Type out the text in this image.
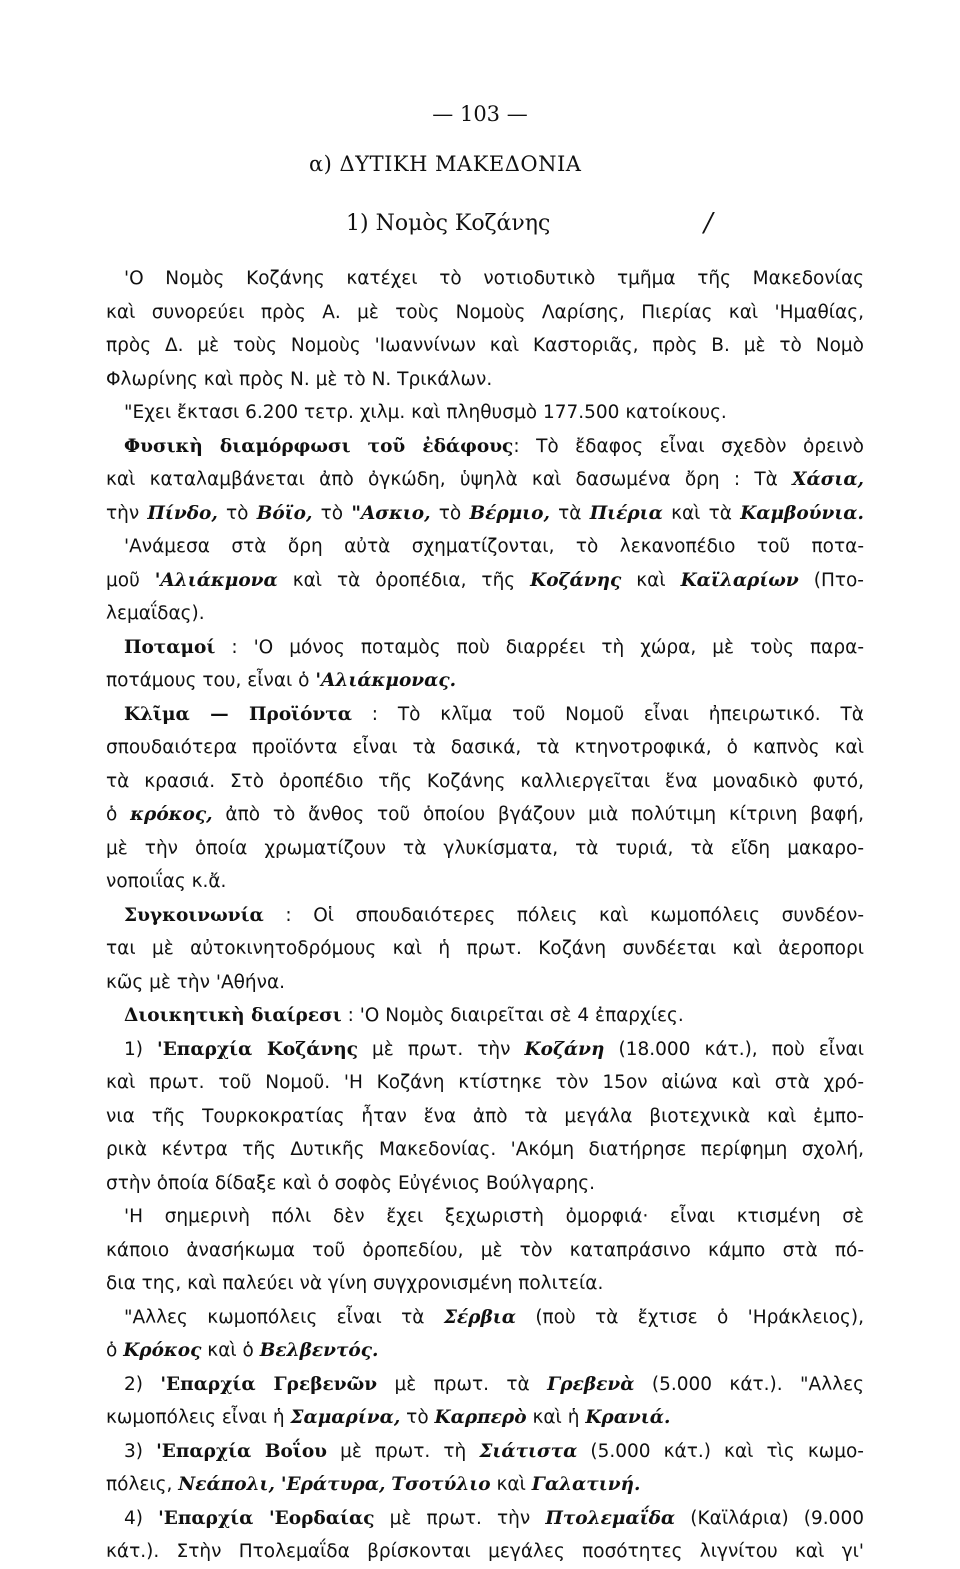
— 103 —
α) ΔΥΤΙΚΗ ΜΑΚΕΔΟΝΙΑ
1) Νομὸς Κοζάνης	/
'Ο Νομὸς Κοζάνης κατέχει τὸ νοτιοδυτικὸ τμῆμα τῆς Μακεδονίας
καὶ συνορεύει πρὸς Α. μὲ τοὺς Νομοὺς Λαρίσης, Πιερίας καὶ 'Ημαθίας,
πρὸς Δ. μὲ τοὺς Νομοὺς 'Ιωαννίνων καὶ Καστοριᾶς, πρὸς Β. μὲ τὸ Νομὸ
Φλωρίνης καὶ πρὸς Ν. μὲ τὸ Ν. Τρικάλων.
"Εχει ἔκτασι 6.200 τετρ. χιλμ. καὶ πληθυσμὸ 177.500 κατοίκους.
Φυσικὴ διαμόρφωσι τοῦ ἐδάφους: Τὸ ἔδαφος εἶναι σχεδὸν ὀρεινὸ
καὶ καταλαμβάνεται ἀπὸ ὀγκώδη, ὑψηλὰ καὶ δασωμένα ὄρη : Τὰ Χάσια,
τὴν Πίνδο, τὸ Βόϊο, τὸ "Ασκιο, τὸ Βέρμιο, τὰ Πιέρια καὶ τὰ Καμβούνια.
'Ανάμεσα στὰ ὄρη αὐτὰ σχηματίζονται, τὸ λεκανοπέδιο τοῦ ποτα-
μοῦ 'Αλιάκμονα καὶ τὰ ὀροπέδια, τῆς Κοζάνης καὶ Καϊλαρίων (Πτο-
λεμαΐδας).
Ποταμοί : 'Ο μόνος ποταμὸς ποὺ διαρρέει τὴ χώρα, μὲ τοὺς παρα-
ποτάμους του, εἶναι ὁ 'Αλιάκμονας.
Κλῖμα — Προϊόντα : Τὸ κλῖμα τοῦ Νομοῦ εἶναι ἠπειρωτικό. Τὰ
σπουδαιότερα προϊόντα εἶναι τὰ δασικά, τὰ κτηνοτροφικά, ὁ καπνὸς καὶ
τὰ κρασιά. Στὸ ὀροπέδιο τῆς Κοζάνης καλλιεργεῖται ἕνα μοναδικὸ φυτό,
ὁ κρόκος, ἀπὸ τὸ ἄνθος τοῦ ὁποίου βγάζουν μιὰ πολύτιμη κίτρινη βαφή,
μὲ τὴν ὁποία χρωματίζουν τὰ γλυκίσματα, τὰ τυριά, τὰ εἴδη μακαρο-
νοποιΐας κ.ἄ.
Συγκοινωνία : Οἱ σπουδαιότερες πόλεις καὶ κωμοπόλεις συνδέον-
ται μὲ αὐτοκινητοδρόμους καὶ ἡ πρωτ. Κοζάνη συνδέεται καὶ ἀεροπορι
κῶς μὲ τὴν 'Αθήνα.
Διοικητικὴ διαίρεσι : 'Ο Νομὸς διαιρεῖται σὲ 4 ἐπαρχίες.
1) 'Επαρχία Κοζάνης μὲ πρωτ. τὴν Κοζάνη (18.000 κάτ.), ποὺ εἶναι
καὶ πρωτ. τοῦ Νομοῦ. 'Η Κοζάνη κτίστηκε τὸν 15ον αἰώνα καὶ στὰ χρό-
νια τῆς Τουρκοκρατίας ἦταν ἕνα ἀπὸ τὰ μεγάλα βιοτεχνικὰ καὶ ἐμπο-
ρικὰ κέντρα τῆς Δυτικῆς Μακεδονίας. 'Ακόμη διατήρησε περίφημη σχολή,
στὴν ὁποία δίδαξε καὶ ὁ σοφὸς Εὐγένιος Βούλγαρης.
'Η σημερινὴ πόλι δὲν ἔχει ξεχωριστὴ ὀμορφιά· εἶναι κτισμένη σὲ
κάποιο ἀνασήκωμα τοῦ ὀροπεδίου, μὲ τὸν καταπράσινο κάμπο στὰ πό-
δια της, καὶ παλεύει νὰ γίνη συγχρονισμένη πολιτεία.
"Αλλες κωμοπόλεις εἶναι τὰ Σέρβια (ποὺ τὰ ἔχτισε ὁ 'Ηράκλειος),
ὁ Κρόκος καὶ ὁ Βελβεντός.
2) 'Επαρχία Γρεβενῶν μὲ πρωτ. τὰ Γρεβενὰ (5.000 κάτ.). "Αλλες
κωμοπόλεις εἶναι ἡ Σαμαρίνα, τὸ Καρπερὸ καὶ ἡ Κρανιά.
3) 'Επαρχία Βοΐου μὲ πρωτ. τὴ Σιάτιστα (5.000 κάτ.) καὶ τὶς κωμο-
πόλεις, Νεάπολι, 'Εράτυρα, Τσοτύλιο καὶ Γαλατινή.
4) 'Επαρχία 'Εορδαίας μὲ πρωτ. τὴν Πτολεμαΐδα (Καϊλάρια) (9.000
κάτ.). Στὴν Πτολεμαΐδα βρίσκονται μεγάλες ποσότητες λιγνίτου καὶ γι'
